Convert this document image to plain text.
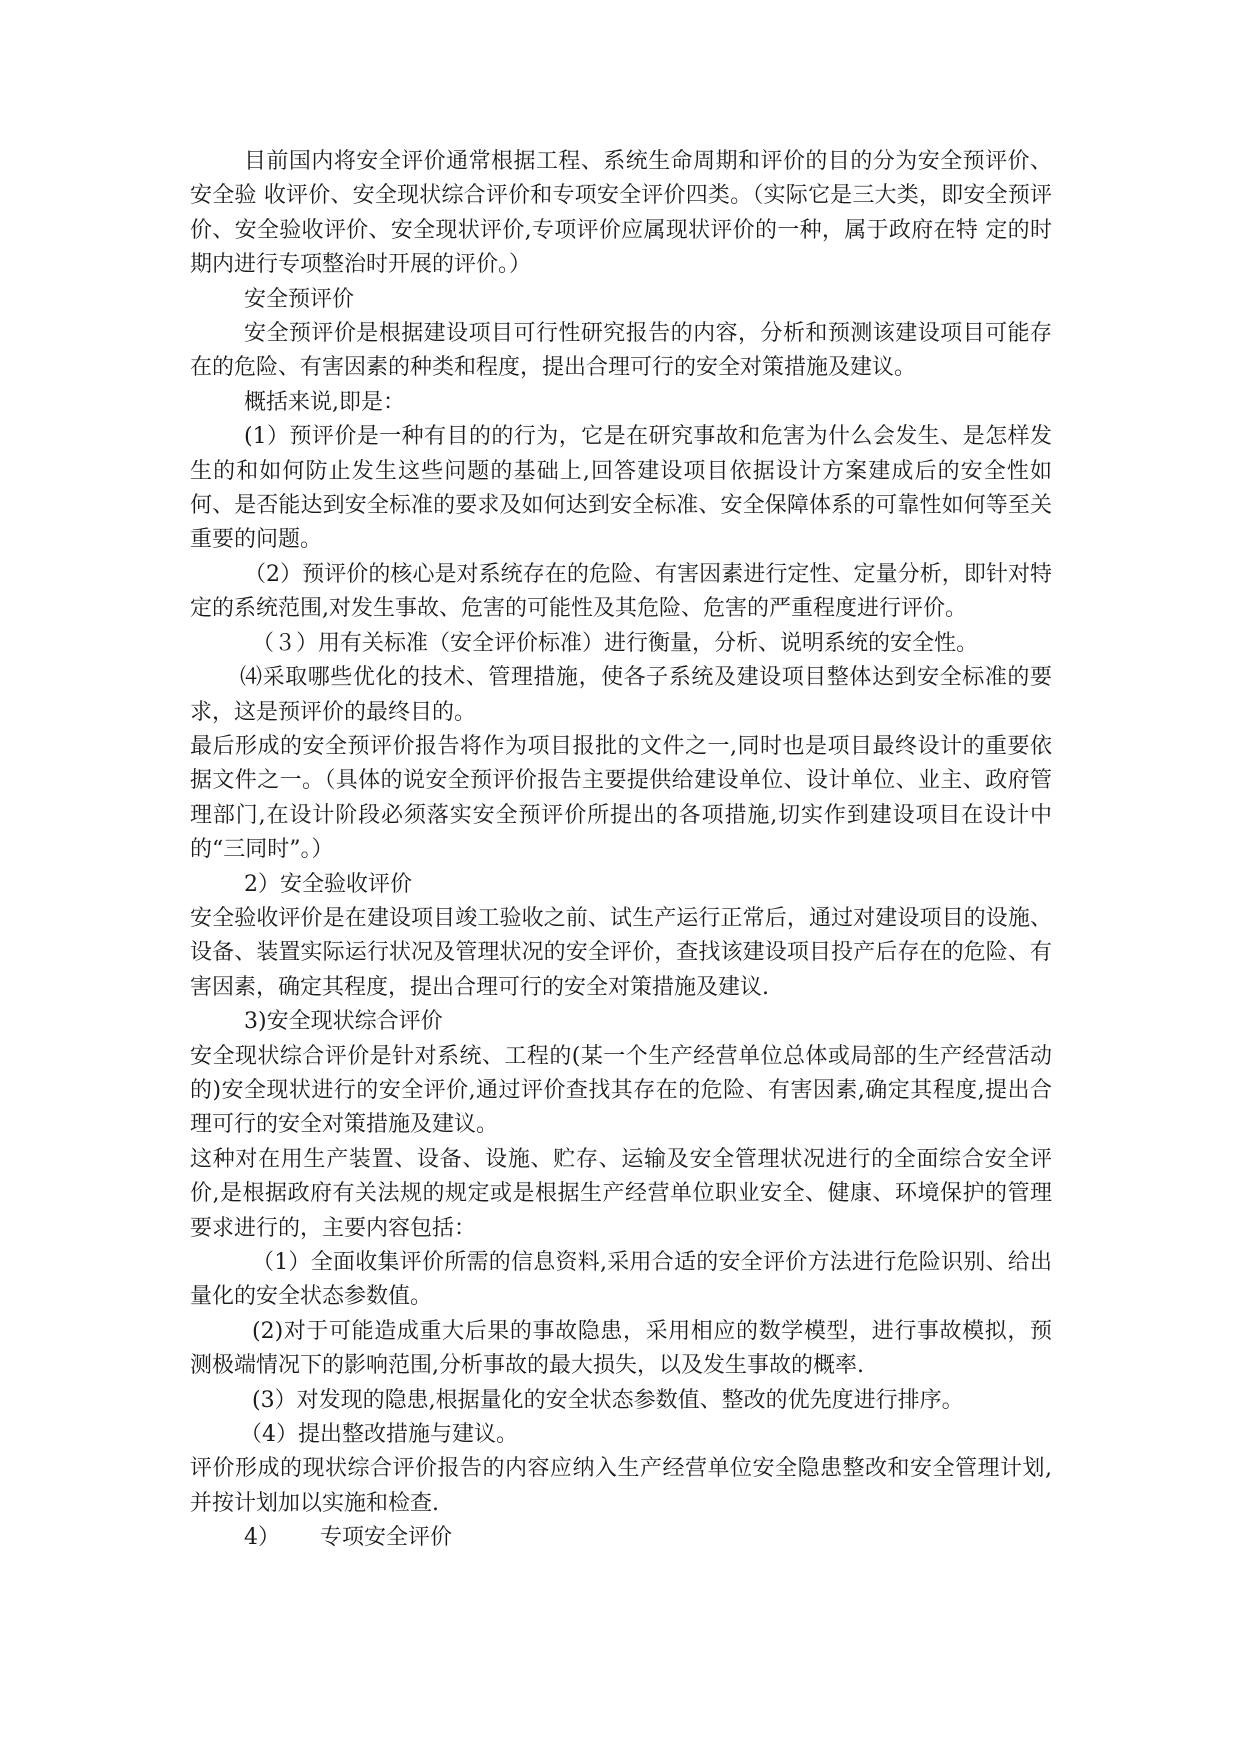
目前国内将安全评价通常根据工程、系统生命周期和评价的目的分为安全预评价、安全验 收评价、安全现状综合评价和专项安全评价四类。（实际它是三大类，即安全预评价、安全验收评价、安全现状评价,专项评价应属现状评价的一种，属于政府在特 定的时期内进行专项整治时开展的评价。）

安全预评价

安全预评价是根据建设项目可行性研究报告的内容，分析和预测该建设项目可能存在的危险、有害因素的种类和程度，提出合理可行的安全对策措施及建议。

概括来说,即是：

(1）预评价是一种有目的的行为，它是在研究事故和危害为什么会发生、是怎样发生的和如何防止发生这些问题的基础上,回答建设项目依据设计方案建成后的安全性如何、是否能达到安全标准的要求及如何达到安全标准、安全保障体系的可靠性如何等至关重要的问题。

（2）预评价的核心是对系统存在的危险、有害因素进行定性、定量分析，即针对特定的系统范围,对发生事故、危害的可能性及其危险、危害的严重程度进行评价。

（３）用有关标准（安全评价标准）进行衡量，分析、说明系统的安全性。

⑷采取哪些优化的技术、管理措施，使各子系统及建设项目整体达到安全标准的要求，这是预评价的最终目的。

最后形成的安全预评价报告将作为项目报批的文件之一,同时也是项目最终设计的重要依据文件之一。（具体的说安全预评价报告主要提供给建设单位、设计单位、业主、政府管理部门,在设计阶段必须落实安全预评价所提出的各项措施,切实作到建设项目在设计中的“三同时”。）

2）安全验收评价

安全验收评价是在建设项目竣工验收之前、试生产运行正常后，通过对建设项目的设施、设备、装置实际运行状况及管理状况的安全评价，查找该建设项目投产后存在的危险、有害因素，确定其程度，提出合理可行的安全对策措施及建议.

3)安全现状综合评价

安全现状综合评价是针对系统、工程的(某一个生产经营单位总体或局部的生产经营活动的)安全现状进行的安全评价,通过评价查找其存在的危险、有害因素,确定其程度,提出合理可行的安全对策措施及建议。

这种对在用生产装置、设备、设施、贮存、运输及安全管理状况进行的全面综合安全评价,是根据政府有关法规的规定或是根据生产经营单位职业安全、健康、环境保护的管理要求进行的，主要内容包括：

（1）全面收集评价所需的信息资料,采用合适的安全评价方法进行危险识别、给出量化的安全状态参数值。

(2)对于可能造成重大后果的事故隐患，采用相应的数学模型，进行事故模拟，预测极端情况下的影响范围,分析事故的最大损失，以及发生事故的概率.

(3）对发现的隐患,根据量化的安全状态参数值、整改的优先度进行排序。

（4）提出整改措施与建议。

评价形成的现状综合评价报告的内容应纳入生产经营单位安全隐患整改和安全管理计划,并按计划加以实施和检查.

4） 专项安全评价
